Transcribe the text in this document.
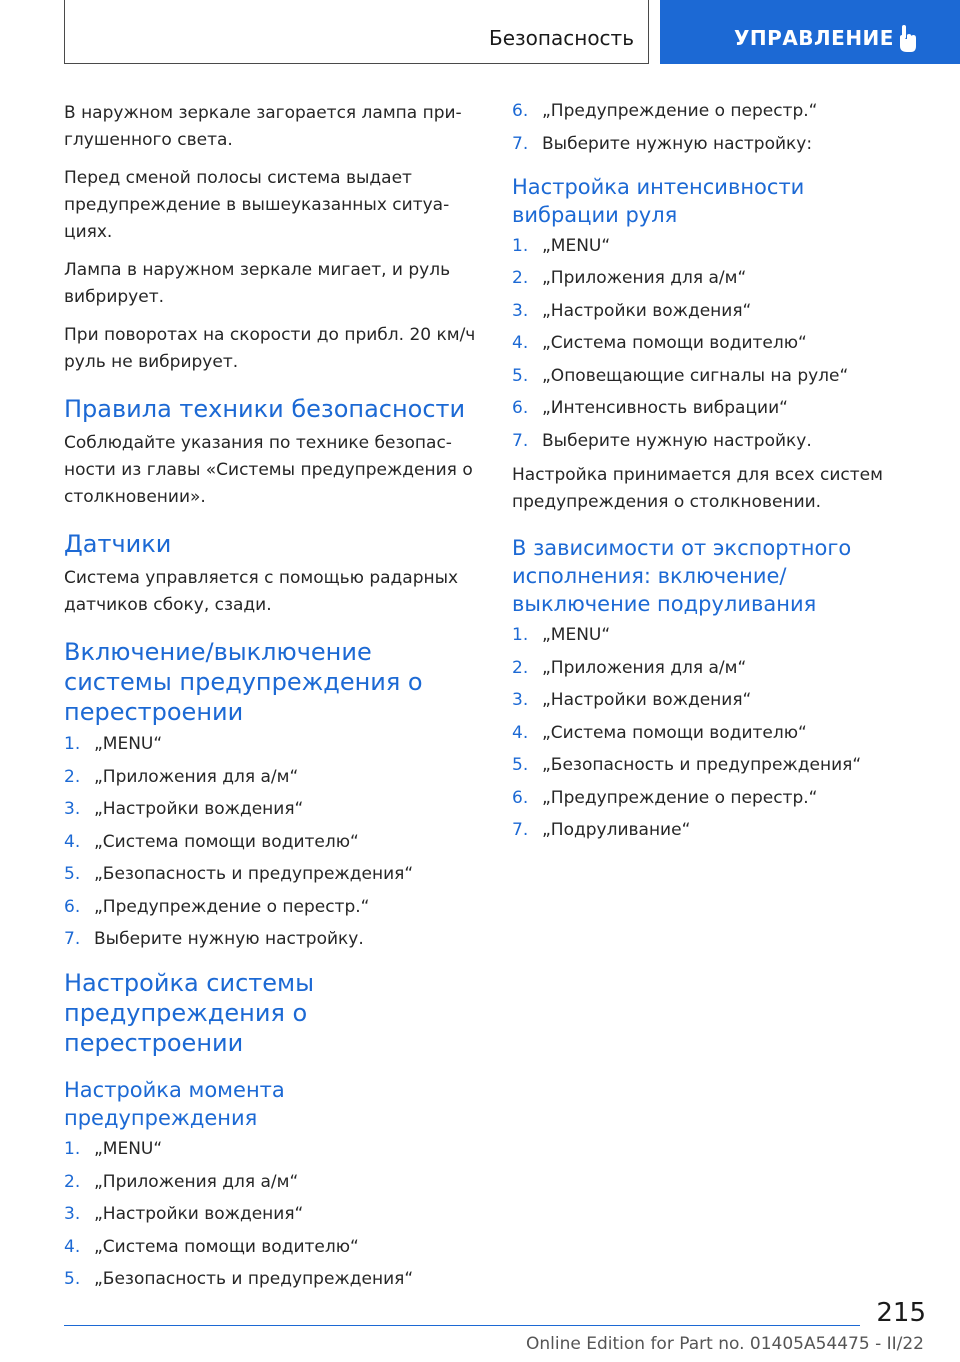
Безопасность	УПРАВЛЕНИЕ

В наружном зеркале загорается лампа при-глушенного света.

Перед сменой полосы система выдает предупреждение в вышеуказанных ситуа-циях.

Лампа в наружном зеркале мигает, и руль вибрирует.

При поворотах на скорости до прибл. 20 км/ч руль не вибрирует.

Правила техники безопасности

Соблюдайте указания по технике безопас-ности из главы «Системы предупреждения о столкновении».

Датчики

Система управляется с помощью радарных датчиков сбоку, сзади.

Включение/выключение системы предупреждения о перестроении
1. „MENU“
2. „Приложения для а/м“
3. „Настройки вождения“
4. „Система помощи водителю“
5. „Безопасность и предупреждения“
6. „Предупреждение о перестр.“
7. Выберите нужную настройку.
Настройка системы предупреждения о перестроении
Настройка момента предупреждения
1. „MENU“
2. „Приложения для а/м“
3. „Настройки вождения“
4. „Система помощи водителю“
5. „Безопасность и предупреждения“
6. „Предупреждение о перестр.“
7. Выберите нужную настройку:
Настройка интенсивности вибрации руля
1. „MENU“
2. „Приложения для а/м“
3. „Настройки вождения“
4. „Система помощи водителю“
5. „Оповещающие сигналы на руле“
6. „Интенсивность вибрации“
7. Выберите нужную настройку.

Настройка принимается для всех систем предупреждения о столкновении.

В зависимости от экспортного исполнения: включение/ выключение подруливания
1. „MENU“
2. „Приложения для а/м“
3. „Настройки вождения“
4. „Система помощи водителю“
5. „Безопасность и предупреждения“
6. „Предупреждение о перестр.“
7. „Подруливание“
215
Online Edition for Part no. 01405A54475 - II/22
